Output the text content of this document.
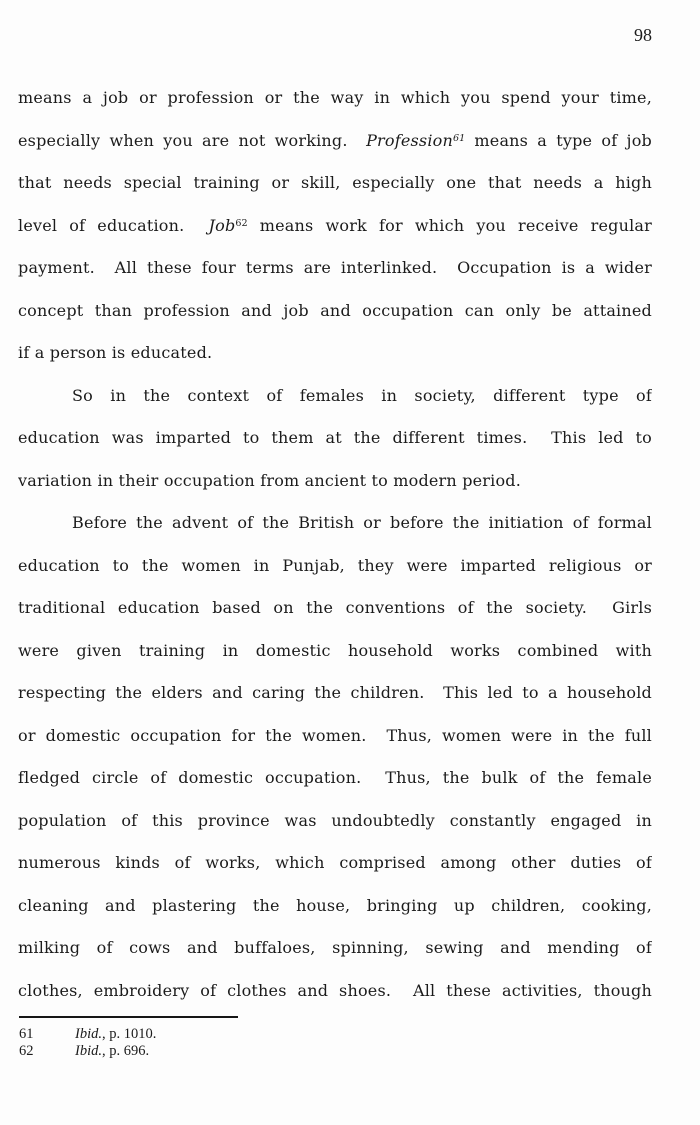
98
means a job or profession or the way in which you spend your time,
especially when you are not working.  Profession$^{61}$ means a type of job
that needs special training or skill, especially one that needs a high
level of education.  Job$^{62}$ means work for which you receive regular
payment.  All these four terms are interlinked.  Occupation is a wider
concept than profession and job and occupation can only be attained
if a person is educated.
So in the context of females in society, different type of
education was imparted to them at the different times.  This led to
variation in their occupation from ancient to modern period.
Before the advent of the British or before the initiation of formal
education to the women in Punjab, they were imparted religious or
traditional education based on the conventions of the society.  Girls
were given training in domestic household works combined with
respecting the elders and caring the children.  This led to a household
or domestic occupation for the women.  Thus, women were in the full
fledged circle of domestic occupation.  Thus, the bulk of the female
population of this province was undoubtedly constantly engaged in
numerous kinds of works, which comprised among other duties of
cleaning and plastering the house, bringing up children, cooking,
milking of cows and buffaloes, spinning, sewing and mending of
clothes, embroidery of clothes and shoes.  All these activities, though
61	Ibid., p. 1010.
62	Ibid., p. 696.
